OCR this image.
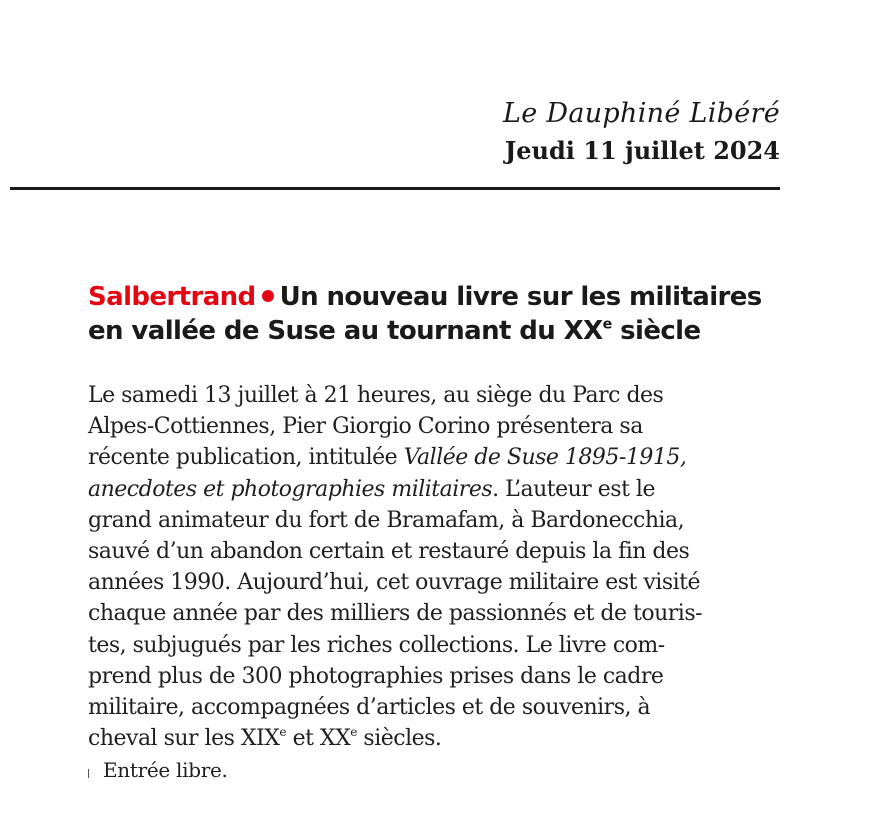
Le Dauphiné Libéré
Jeudi 11 juillet 2024
Salbertrand Un nouveau livre sur les militaires
en vallée de Suse au tournant du XXe siècle
Le samedi 13 juillet à 21 heures, au siège du Parc des
Alpes-Cottiennes, Pier Giorgio Corino présentera sa
récente publication, intitulée Vallée de Suse 1895-1915,
anecdotes et photographies militaires. L’auteur est le
grand animateur du fort de Bramafam, à Bardonecchia,
sauvé d’un abandon certain et restauré depuis la fin des
années 1990. Aujourd’hui, cet ouvrage militaire est visité
chaque année par des milliers de passionnés et de touris-
tes, subjugués par les riches collections. Le livre com-
prend plus de 300 photographies prises dans le cadre
militaire, accompagnées d’articles et de souvenirs, à
cheval sur les XIXe et XXe siècles.
Entrée libre.
